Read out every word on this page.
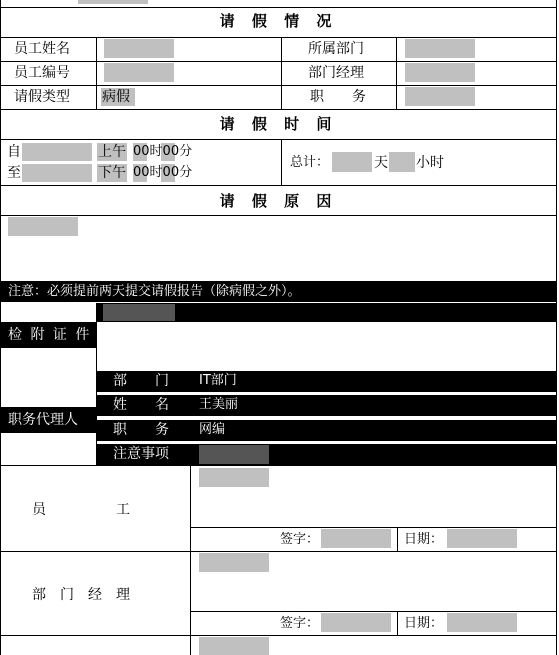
请 假 情 况
员工姓名	所属部门
员工编号	部门经理
请假类型 病假	职　　务
请 假 时 间
自	上午 00时00分
至	下午 00时00分
总计：	天 小时
请 假 原 因
注意：必须提前两天提交请假报告（除病假之外）。
检 附 证 件
职务代理人
部　　门 IT部门
姓　　名 王美丽
职　　务 网编
注意事项
员　　　　　工
签字：	日期：
部　门　经　理
签字：	日期：
